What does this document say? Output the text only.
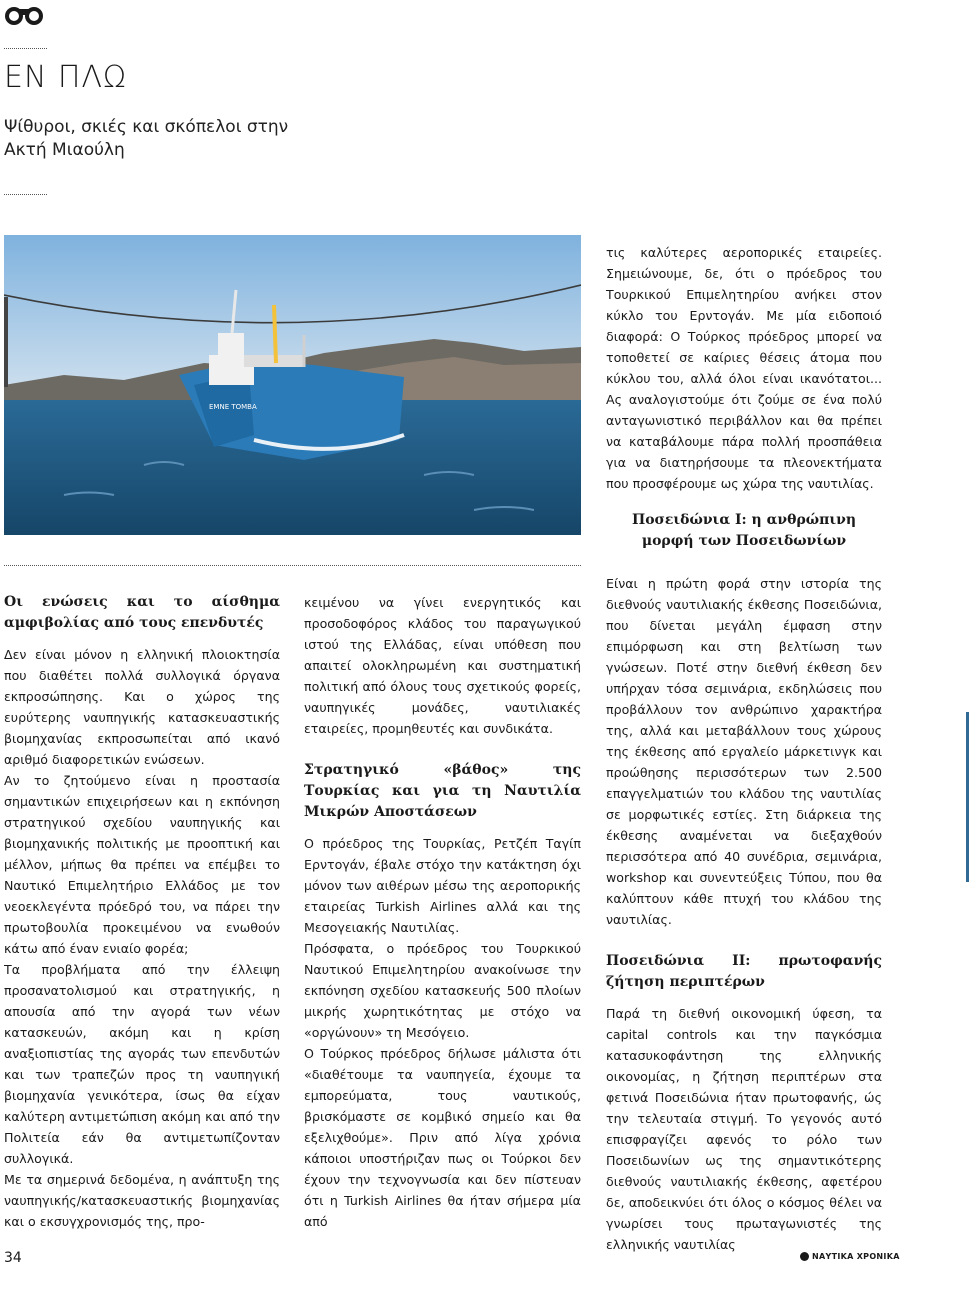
ΕΝ ΠΛΩ

Ψίθυροι, σκιές και σκόπελοι στην Ακτή Μιαούλη

EMNE TOMBA
Οι ενώσεις και το αίσθημα αμφιβολίας από τους επενδυτές

Δεν είναι μόνον η ελληνική πλοιοκτησία που διαθέτει πολλά συλλογικά όργανα εκπροσώπησης. Και ο χώρος της ευρύτερης ναυπηγικής κατασκευαστικής βιομηχανίας εκπροσωπείται από ικανό αριθμό διαφορετικών ενώσεων.

Αν το ζητούμενο είναι η προστασία σημαντικών επιχειρήσεων και η εκπόνηση στρατηγικού σχεδίου ναυπηγικής και βιομηχανικής πολιτικής με προοπτική και μέλλον, μήπως θα πρέπει να επέμβει το Ναυτικό Επιμελητήριο Ελλάδος με τον νεοεκλεγέντα πρόεδρό του, να πάρει την πρωτοβουλία προκειμένου να ενωθούν κάτω από έναν ενιαίο φορέα;

Τα προβλήματα από την έλλειψη προσανατολισμού και στρατηγικής, η απουσία από την αγορά των νέων κατασκευών, ακόμη και η κρίση αναξιοπιστίας της αγοράς των επενδυτών και των τραπεζών προς τη ναυπηγική βιομηχανία γενικότερα, ίσως θα είχαν καλύτερη αντιμετώπιση ακόμη και από την Πολιτεία εάν θα αντιμετωπίζονταν συλλογικά.

Με τα σημερινά δεδομένα, η ανάπτυξη της ναυπηγικής/κατασκευαστικής βιομηχανίας και ο εκσυγχρονισμός της, προ-

κειμένου να γίνει ενεργητικός και προσοδοφόρος κλάδος του παραγωγικού ιστού της Ελλάδας, είναι υπόθεση που απαιτεί ολοκληρωμένη και συστηματική πολιτική από όλους τους σχετικούς φορείς, ναυπηγικές μονάδες, ναυτιλιακές εταιρείες, προμηθευτές και συνδικάτα.

Στρατηγικό «βάθος» της Τουρκίας και για τη Ναυτιλία Μικρών Αποστάσεων

Ο πρόεδρος της Τουρκίας, Ρετζέπ Ταγίπ Ερντογάν, έβαλε στόχο την κατάκτηση όχι μόνον των αιθέρων μέσω της αεροπορικής εταιρείας Turkish Airlines αλλά και της Μεσογειακής Ναυτιλίας.

Πρόσφατα, ο πρόεδρος του Τουρκικού Ναυτικού Επιμελητηρίου ανακοίνωσε την εκπόνηση σχεδίου κατασκευής 500 πλοίων μικρής χωρητικότητας με στόχο να «οργώνουν» τη Μεσόγειο.

Ο Τούρκος πρόεδρος δήλωσε μάλιστα ότι «διαθέτουμε τα ναυπηγεία, έχουμε τα εμπορεύματα, τους ναυτικούς, βρισκόμαστε σε κομβικό σημείο και θα εξελιχθούμε». Πριν από λίγα χρόνια κάποιοι υποστήριζαν πως οι Τούρκοι δεν έχουν την τεχνογνωσία και δεν πίστευαν ότι η Turkish Airlines θα ήταν σήμερα μία από

τις καλύτερες αεροπορικές εταιρείες. Σημειώνουμε, δε, ότι ο πρόεδρος του Τουρκικού Επιμελητηρίου ανήκει στον κύκλο του Ερντογάν. Με μία ειδοποιό διαφορά: Ο Τούρκος πρόεδρος μπορεί να τοποθετεί σε καίριες θέσεις άτομα που κύκλου του, αλλά όλοι είναι ικανότατοι... Ας αναλογιστούμε ότι ζούμε σε ένα πολύ ανταγωνιστικό περιβάλλον και θα πρέπει να καταβάλουμε πάρα πολλή προσπάθεια για να διατηρήσουμε τα πλεονεκτήματα που προσφέρουμε ως χώρα της ναυτιλίας.

Ποσειδώνια Ι: η ανθρώπινη μορφή των Ποσειδωνίων

Είναι η πρώτη φορά στην ιστορία της διεθνούς ναυτιλιακής έκθεσης Ποσειδώνια, που δίνεται μεγάλη έμφαση στην επιμόρφωση και στη βελτίωση των γνώσεων. Ποτέ στην διεθνή έκθεση δεν υπήρχαν τόσα σεμινάρια, εκδηλώσεις που προβάλλουν τον ανθρώπινο χαρακτήρα της, αλλά και μεταβάλλουν τους χώρους της έκθεσης από εργαλείο μάρκετινγκ και προώθησης περισσότερων των 2.500 επαγγελματιών του κλάδου της ναυτιλίας σε μορφωτικές εστίες. Στη διάρκεια της έκθεσης αναμένεται να διεξαχθούν περισσότερα από 40 συνέδρια, σεμινάρια, workshop και συνεντεύξεις Τύπου, που θα καλύπτουν κάθε πτυχή του κλάδου της ναυτιλίας.

Ποσειδώνια ΙΙ: πρωτοφανής ζήτηση περιπτέρων

Παρά τη διεθνή οικονομική ύφεση, τα capital controls και την παγκόσμια κατασυκοφάντηση της ελληνικής οικονομίας, η ζήτηση περιπτέρων στα φετινά Ποσειδώνια ήταν πρωτοφανής, ώς την τελευταία στιγμή. Το γεγονός αυτό επισφραγίζει αφενός το ρόλο των Ποσειδωνίων ως της σημαντικότερης διεθνούς ναυτιλιακής έκθεσης, αφετέρου δε, αποδεικνύει ότι όλος ο κόσμος θέλει να γνωρίσει τους πρωταγωνιστές της ελληνικής ναυτιλίας

34	ΝΑΥΤΙΚΑ ΧΡΟΝΙΚΑ
